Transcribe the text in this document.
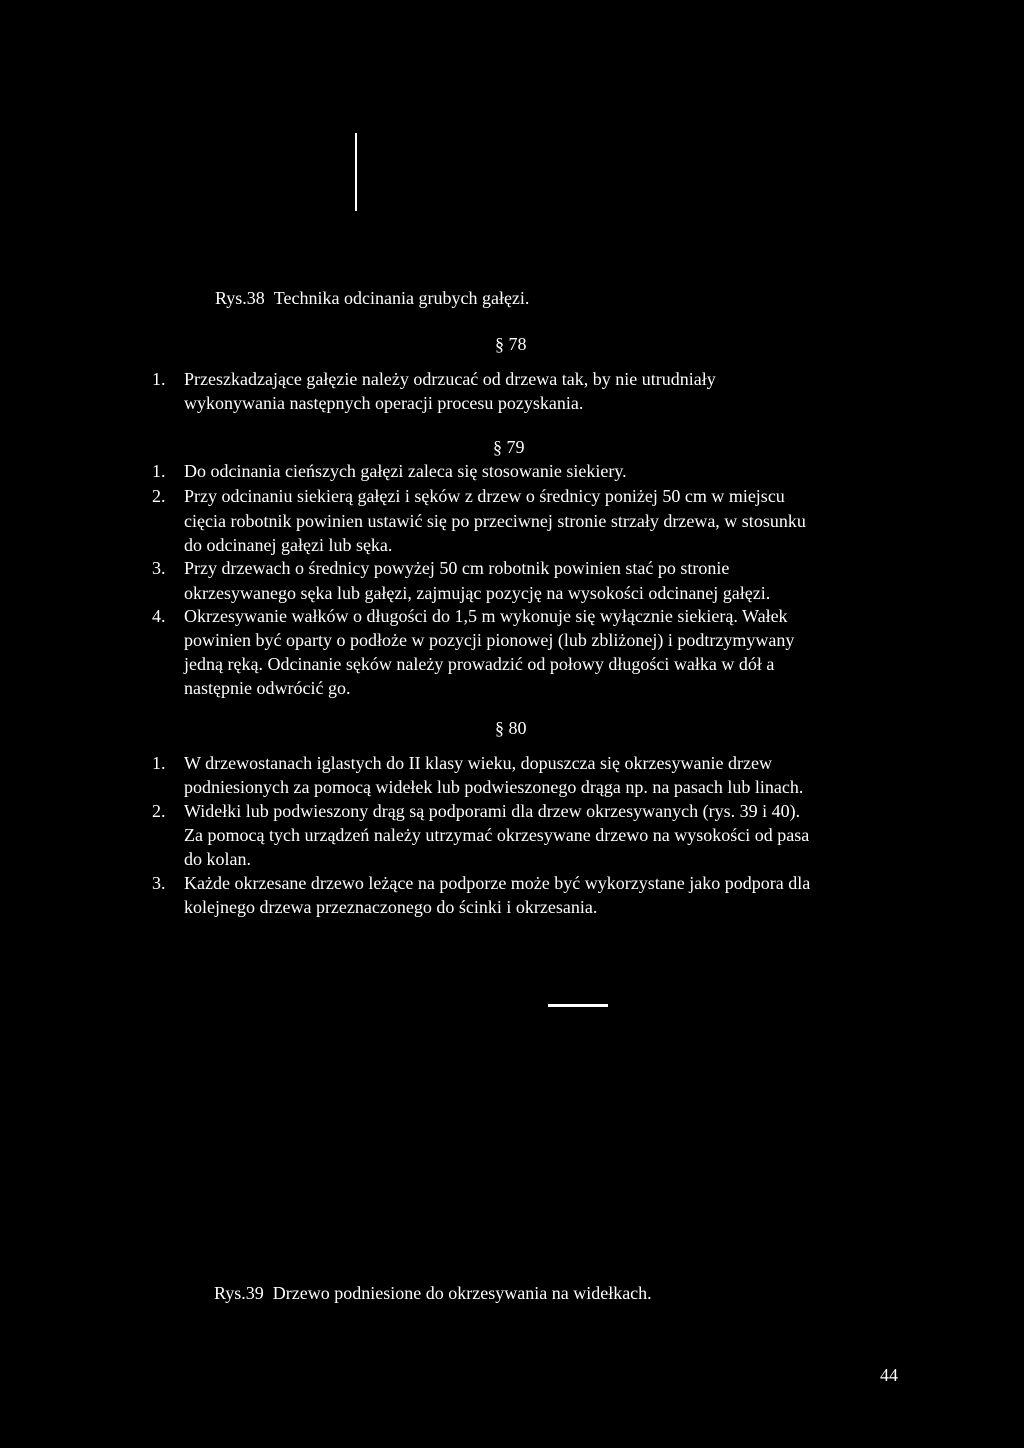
Rys.38 Technika odcinania grubych gałęzi.
§ 78
1. Przeszkadzające gałęzie należy odrzucać od drzewa tak, by nie utrudniały
wykonywania następnych operacji procesu pozyskania.
§ 79
1. Do odcinania cieńszych gałęzi zaleca się stosowanie siekiery.
2. Przy odcinaniu siekierą gałęzi i sęków z drzew o średnicy poniżej 50 cm w miejscu
cięcia robotnik powinien ustawić się po przeciwnej stronie strzały drzewa, w stosunku
do odcinanej gałęzi lub sęka.
3. Przy drzewach o średnicy powyżej 50 cm robotnik powinien stać po stronie
okrzesywanego sęka lub gałęzi, zajmując pozycję na wysokości odcinanej gałęzi.
4. Okrzesywanie wałków o długości do 1,5 m wykonuje się wyłącznie siekierą. Wałek
powinien być oparty o podłoże w pozycji pionowej (lub zbliżonej) i podtrzymywany
jedną ręką. Odcinanie sęków należy prowadzić od połowy długości wałka w dół a
następnie odwrócić go.
§ 80
1. W drzewostanach iglastych do II klasy wieku, dopuszcza się okrzesywanie drzew
podniesionych za pomocą widełek lub podwieszonego drąga np. na pasach lub linach.
2. Widełki lub podwieszony drąg są podporami dla drzew okrzesywanych (rys. 39 i 40).
Za pomocą tych urządzeń należy utrzymać okrzesywane drzewo na wysokości od pasa
do kolan.
3. Każde okrzesane drzewo leżące na podporze może być wykorzystane jako podpora dla
kolejnego drzewa przeznaczonego do ścinki i okrzesania.
Rys.39 Drzewo podniesione do okrzesywania na widełkach.
44
